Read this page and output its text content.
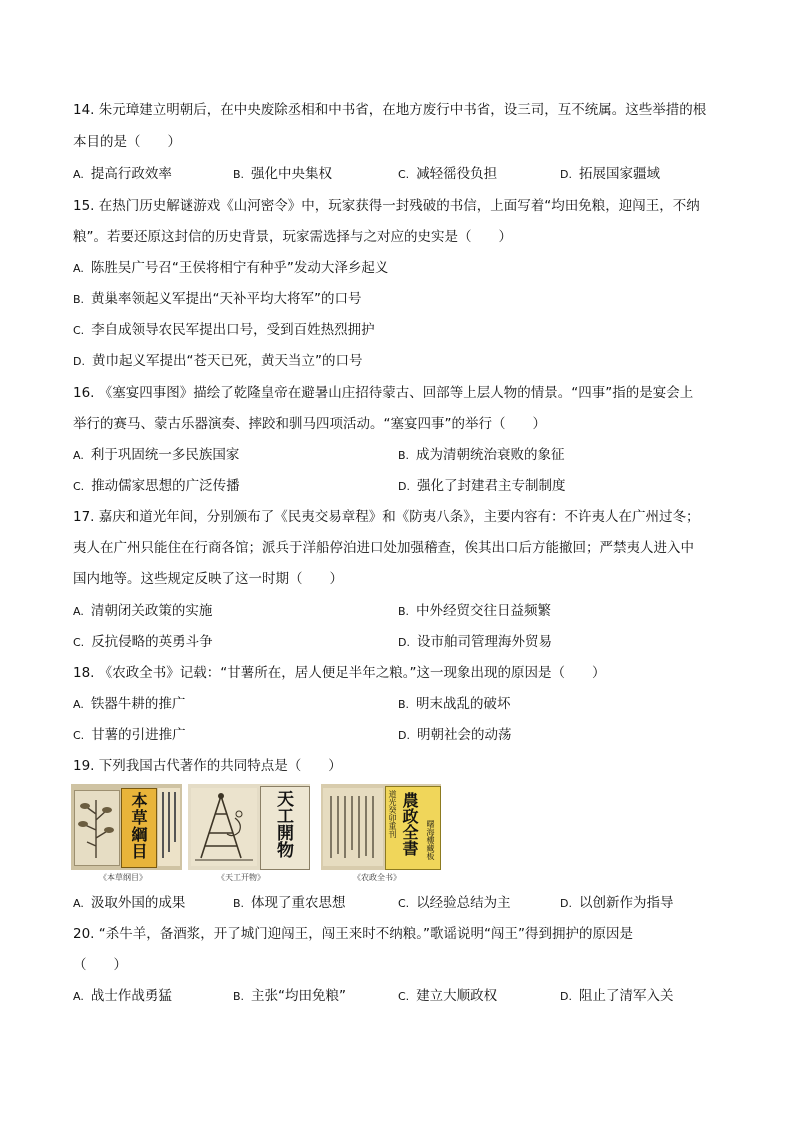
14. 朱元璋建立明朝后，在中央废除丞相和中书省，在地方废行中书省，设三司，互不统属。这些举措的根
本目的是（　　）
A. 提高行政效率	B. 强化中央集权	C. 减轻徭役负担	D. 拓展国家疆域
15. 在热门历史解谜游戏《山河密令》中，玩家获得一封残破的书信，上面写着“均田免粮，迎闯王，不纳
粮”。若要还原这封信的历史背景，玩家需选择与之对应的史实是（　　）
A. 陈胜吴广号召“王侯将相宁有种乎”发动大泽乡起义
B. 黄巢率领起义军提出“天补平均大将军”的口号
C. 李自成领导农民军提出口号，受到百姓热烈拥护
D. 黄巾起义军提出“苍天已死，黄天当立”的口号
16. 《塞宴四事图》描绘了乾隆皇帝在避暑山庄招待蒙古、回部等上层人物的情景。“四事”指的是宴会上
举行的赛马、蒙古乐器演奏、摔跤和驯马四项活动。“塞宴四事”的举行（　　）
A. 利于巩固统一多民族国家	B. 成为清朝统治衰败的象征
C. 推动儒家思想的广泛传播	D. 强化了封建君主专制制度
17. 嘉庆和道光年间，分别颁布了《民夷交易章程》和《防夷八条》，主要内容有：不许夷人在广州过冬；
夷人在广州只能住在行商各馆；派兵于洋船停泊进口处加强稽查，俟其出口后方能撤回；严禁夷人进入中
国内地等。这些规定反映了这一时期（　　）
A. 清朝闭关政策的实施	B. 中外经贸交往日益频繁
C. 反抗侵略的英勇斗争	D. 设市舶司管理海外贸易
18. 《农政全书》记载：“甘薯所在，居人便足半年之粮。”这一现象出现的原因是（　　）
A. 铁器牛耕的推广	B. 明末战乱的破坏
C. 甘薯的引进推广	D. 明朝社会的动荡
19. 下列我国古代著作的共同特点是（　　）
本草綱目
《本草纲目》
天工開物
《天工开物》
道光癸卯重刊 農政全書 曙海樓藏板
《农政全书》
A. 汲取外国的成果	B. 体现了重农思想	C. 以经验总结为主	D. 以创新作为指导
20. “杀牛羊，备酒浆，开了城门迎闯王，闯王来时不纳粮。”歌谣说明“闯王”得到拥护的原因是
（　　）
A. 战士作战勇猛	B. 主张“均田免粮”	C. 建立大顺政权	D. 阻止了清军入关
